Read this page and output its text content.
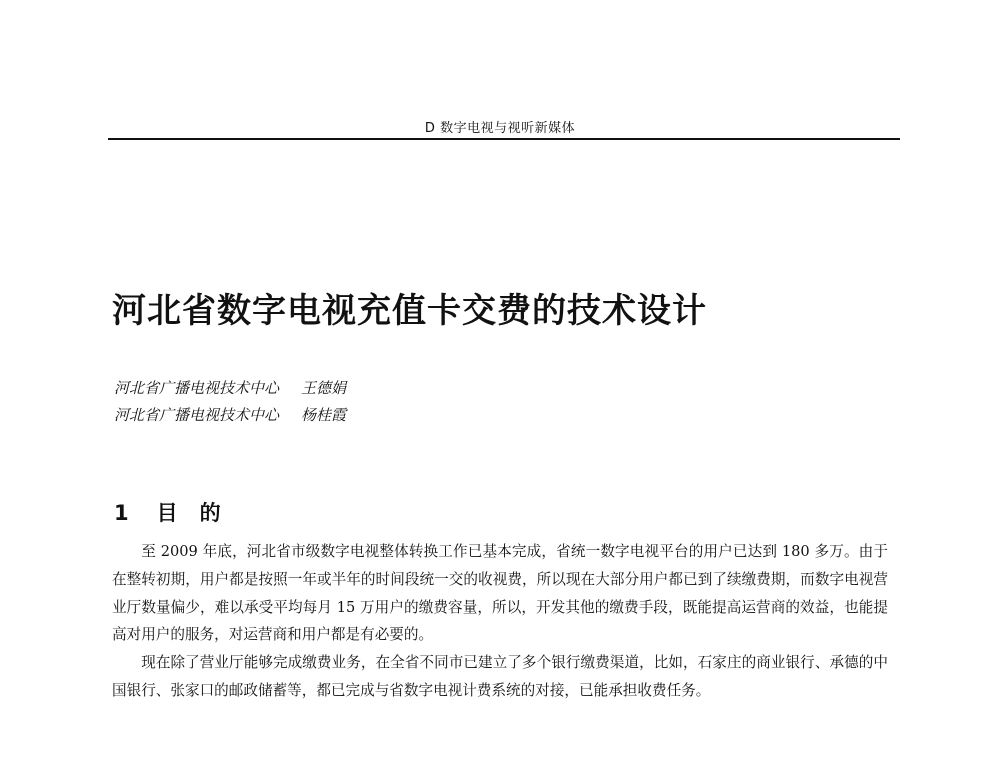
D 数字电视与视听新媒体
河北省数字电视充值卡交费的技术设计
河北省广播电视技术中心 王德娟
河北省广播电视技术中心 杨桂霞
1 目的

至 2009 年底，河北省市级数字电视整体转换工作已基本完成，省统一数字电视平台的用户已达到 180 多万。由于在整转初期，用户都是按照一年或半年的时间段统一交的收视费，所以现在大部分用户都已到了续缴费期，而数字电视营业厅数量偏少，难以承受平均每月 15 万用户的缴费容量，所以，开发其他的缴费手段，既能提高运营商的效益，也能提高对用户的服务，对运营商和用户都是有必要的。

现在除了营业厅能够完成缴费业务，在全省不同市已建立了多个银行缴费渠道，比如，石家庄的商业银行、承德的中国银行、张家口的邮政储蓄等，都已完成与省数字电视计费系统的对接，已能承担收费任务。
